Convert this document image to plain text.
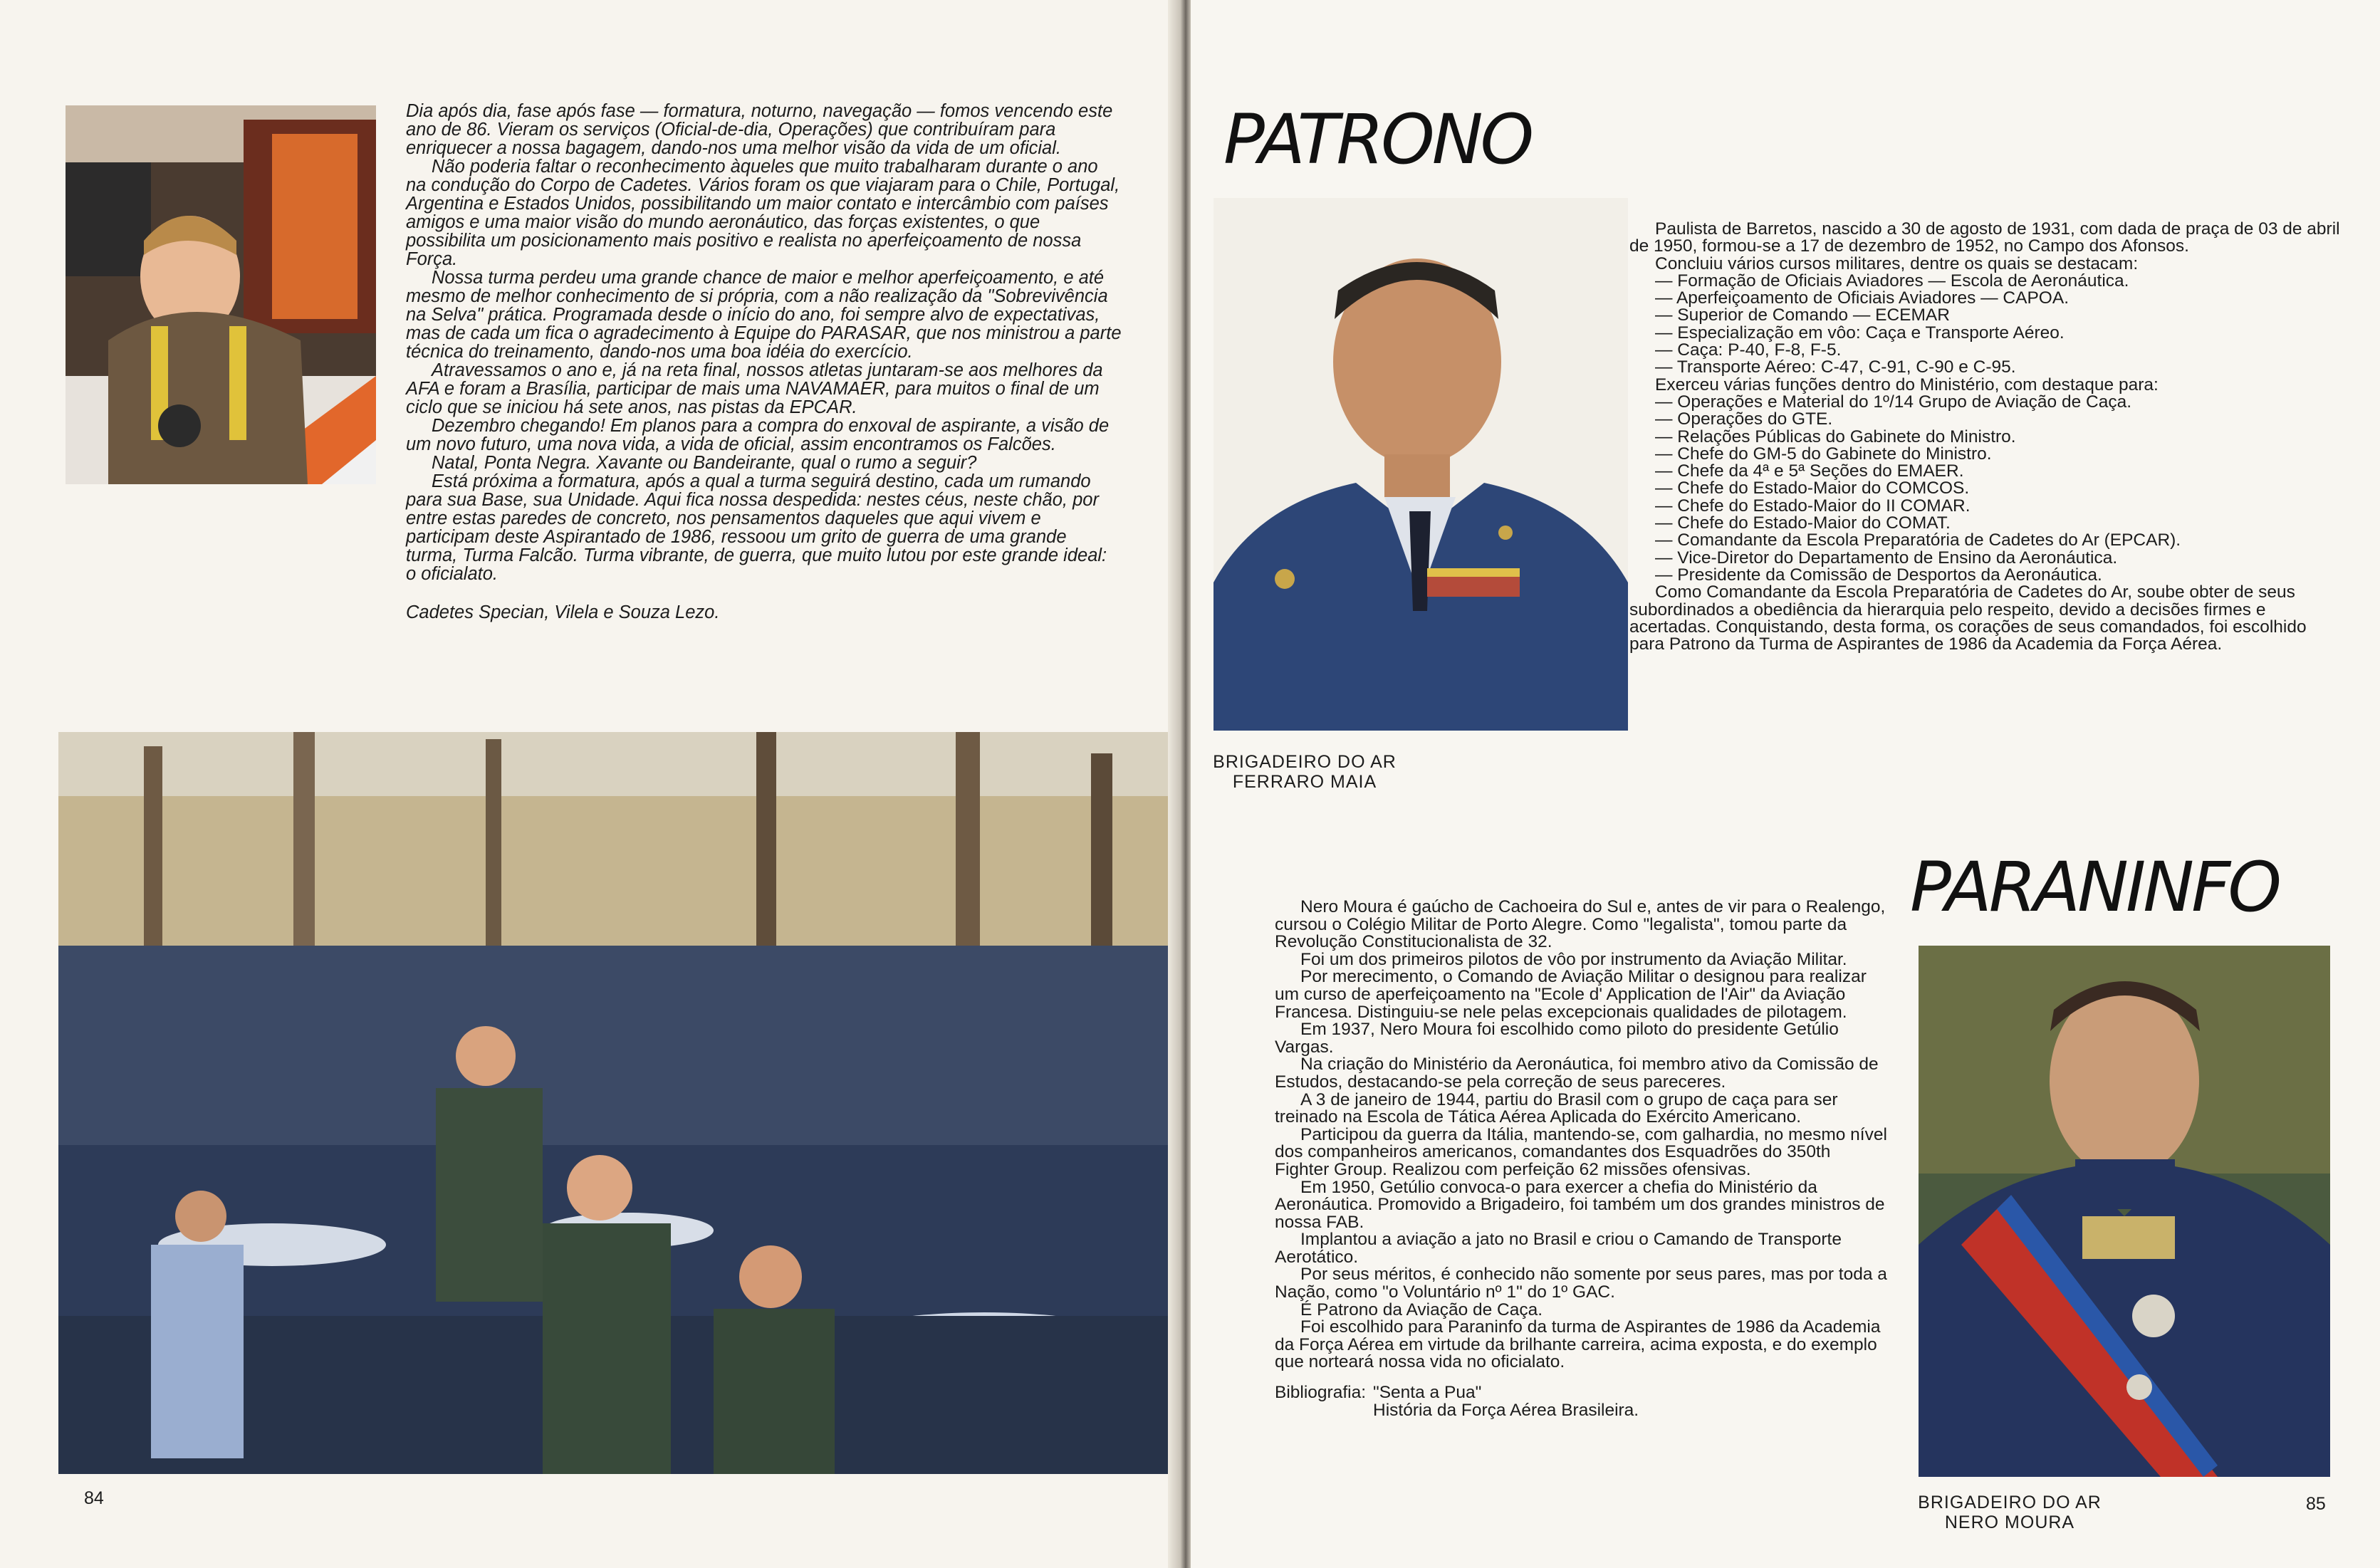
Dia após dia, fase após fase — formatura, noturno, navegação — fomos vencendo este ano de 86. Vieram os serviços (Oficial-de-dia, Operações) que contribuíram para enriquecer a nossa bagagem, dando-nos uma melhor visão da vida de um oficial.

Não poderia faltar o reconhecimento àqueles que muito trabalharam durante o ano na condução do Corpo de Cadetes. Vários foram os que viajaram para o Chile, Portugal, Argentina e Estados Unidos, possibilitando um maior contato e intercâmbio com países amigos e uma maior visão do mundo aeronáutico, das forças existentes, o que possibilita um posicionamento mais positivo e realista no aperfeiçoamento de nossa Força.

Nossa turma perdeu uma grande chance de maior e melhor aperfeiçoamento, e até mesmo de melhor conhecimento de si própria, com a não realização da "Sobrevivência na Selva" prática. Programada desde o início do ano, foi sempre alvo de expectativas, mas de cada um fica o agradecimento à Equipe do PARASAR, que nos ministrou a parte técnica do treinamento, dando-nos uma boa idéia do exercício.

Atravessamos o ano e, já na reta final, nossos atletas juntaram-se aos melhores da AFA e foram a Brasília, participar de mais uma NAVAMAER, para muitos o final de um ciclo que se iniciou há sete anos, nas pistas da EPCAR.

Dezembro chegando! Em planos para a compra do enxoval de aspirante, a visão de um novo futuro, uma nova vida, a vida de oficial, assim encontramos os Falcões.

Natal, Ponta Negra. Xavante ou Bandeirante, qual o rumo a seguir?

Está próxima a formatura, após a qual a turma seguirá destino, cada um rumando para sua Base, sua Unidade. Aqui fica nossa despedida: nestes céus, neste chão, por entre estas paredes de concreto, nos pensamentos daqueles que aqui vivem e participam deste Aspirantado de 1986, ressoou um grito de guerra de uma grande turma, Turma Falcão. Turma vibrante, de guerra, que muito lutou por este grande ideal: o oficialato.

Cadetes Specian, Vilela e Souza Lezo.

84
PATRONO
BRIGADEIRO DO AR
FERRARO MAIA

Paulista de Barretos, nascido a 30 de agosto de 1931, com dada de praça de 03 de abril de 1950, formou-se a 17 de dezembro de 1952, no Campo dos Afonsos.

Concluiu vários cursos militares, dentre os quais se destacam:

— Formação de Oficiais Aviadores — Escola de Aeronáutica.

— Aperfeiçoamento de Oficiais Aviadores — CAPOA.

— Superior de Comando — ECEMAR

— Especialização em vôo: Caça e Transporte Aéreo.

— Caça: P-40, F-8, F-5.

— Transporte Aéreo: C-47, C-91, C-90 e C-95.

Exerceu várias funções dentro do Ministério, com destaque para:

— Operações e Material do 1º/14 Grupo de Aviação de Caça.

— Operações do GTE.

— Relações Públicas do Gabinete do Ministro.

— Chefe do GM-5 do Gabinete do Ministro.

— Chefe da 4ª e 5ª Seções do EMAER.

— Chefe do Estado-Maior do COMCOS.

— Chefe do Estado-Maior do II COMAR.

— Chefe do Estado-Maior do COMAT.

— Comandante da Escola Preparatória de Cadetes do Ar (EPCAR).

— Vice-Diretor do Departamento de Ensino da Aeronáutica.

— Presidente da Comissão de Desportos da Aeronáutica.

Como Comandante da Escola Preparatória de Cadetes do Ar, soube obter de seus subordinados a obediência da hierarquia pelo respeito, devido a decisões firmes e acertadas. Conquistando, desta forma, os corações de seus comandados, foi escolhido para Patrono da Turma de Aspirantes de 1986 da Academia da Força Aérea.

PARANINFO
BRIGADEIRO DO AR
NERO MOURA

Nero Moura é gaúcho de Cachoeira do Sul e, antes de vir para o Realengo, cursou o Colégio Militar de Porto Alegre. Como "legalista", tomou parte da Revolução Constitucionalista de 32.

Foi um dos primeiros pilotos de vôo por instrumento da Aviação Militar.

Por merecimento, o Comando de Aviação Militar o designou para realizar um curso de aperfeiçoamento na "Ecole d' Application de l'Air" da Aviação Francesa. Distinguiu-se nele pelas excepcionais qualidades de pilotagem.

Em 1937, Nero Moura foi escolhido como piloto do presidente Getúlio Vargas.

Na criação do Ministério da Aeronáutica, foi membro ativo da Comissão de Estudos, destacando-se pela correção de seus pareceres.

A 3 de janeiro de 1944, partiu do Brasil com o grupo de caça para ser treinado na Escola de Tática Aérea Aplicada do Exército Americano.

Participou da guerra da Itália, mantendo-se, com galhardia, no mesmo nível dos companheiros americanos, comandantes dos Esquadrões do 350th Fighter Group. Realizou com perfeição 62 missões ofensivas.

Em 1950, Getúlio convoca-o para exercer a chefia do Ministério da Aeronáutica. Promovido a Brigadeiro, foi também um dos grandes ministros de nossa FAB.

Implantou a aviação a jato no Brasil e criou o Camando de Transporte Aerotático.

Por seus méritos, é conhecido não somente por seus pares, mas por toda a Nação, como "o Voluntário nº 1" do 1º GAC.

É Patrono da Aviação de Caça.

Foi escolhido para Paraninfo da turma de Aspirantes de 1986 da Academia da Força Aérea em virtude da brilhante carreira, acima exposta, e do exemplo que norteará nossa vida no oficialato.

Bibliografia: "Senta a Pua"
História da Força Aérea Brasileira.
85
